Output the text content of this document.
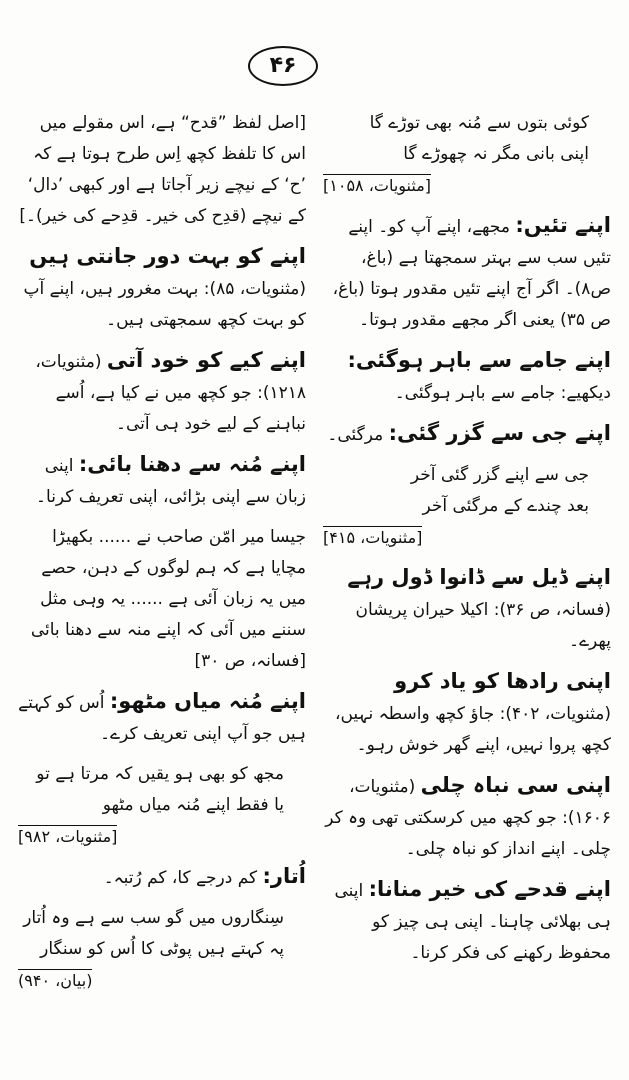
۴۶
کوئی بتوں سے مُنہ بھی توڑے گا
اپنی بانی مگر نہ چھوڑے گا
[مثنویات، ۱۰۵۸]
اپنے تئیں: مجھے، اپنے آپ کو۔ اپنے تئیں سب سے بہتر سمجھتا ہے (باغ، ص۸)۔ اگر آج اپنے تئیں مقدور ہوتا (باغ، ص ۳۵) یعنی اگر مجھے مقدور ہوتا۔
اپنے جامے سے باہر ہوگئی: دیکھیے: جامے سے باہر ہوگئی۔
اپنے جی سے گزر گئی: مرگئی۔
جی سے اپنے گزر گئی آخر
بعد چندے کے مرگئی آخر
[مثنویات، ۴۱۵]
اپنے ڈیل سے ڈانوا ڈول رہے (فسانہ، ص ۳۶): اکیلا حیران پریشان پھرے۔
اپنی رادھا کو یاد کرو (مثنویات، ۴۰۲): جاؤ کچھ واسطہ نہیں، کچھ پروا نہیں، اپنے گھر خوش رہو۔
اپنی سی نباہ چلی (مثنویات، ۱۶۰۶): جو کچھ میں کرسکتی تھی وہ کر چلی۔ اپنے انداز کو نباہ چلی۔
اپنے قدحے کی خیر منانا: اپنی ہی بھلائی چاہنا۔ اپنی ہی چیز کو محفوظ رکھنے کی فکر کرنا۔
[اصل لفظ ”قدح“ ہے، اس مقولے میں اس کا تلفظ کچھ اِس طرح ہوتا ہے کہ ’ح‘ کے نیچے زیر آجاتا ہے اور کبھی ’دال‘ کے نیچے (قدِح کی خیر۔ قدِحے کی خیر)۔]
اپنے کو بہت دور جانتی ہیں (مثنویات، ۸۵): بہت مغرور ہیں، اپنے آپ کو بہت کچھ سمجھتی ہیں۔
اپنے کیے کو خود آتی (مثنویات، ۱۲۱۸): جو کچھ میں نے کیا ہے، اُسے نباہنے کے لیے خود ہی آتی۔
اپنے مُنہ سے دھنا بائی: اپنی زبان سے اپنی بڑائی، اپنی تعریف کرنا۔
جیسا میر امّن صاحب نے ...... بکھیڑا مچایا ہے کہ ہم لوگوں کے دہن، حصے میں یہ زبان آئی ہے ...... یہ وہی مثل سننے میں آئی کہ اپنے منہ سے دھنا بائی [فسانہ، ص ۳۰]
اپنے مُنہ میاں مٹھو: اُس کو کہتے ہیں جو آپ اپنی تعریف کرے۔
مجھ کو بھی ہو یقیں کہ مرتا ہے تو
یا فقط اپنے مُنہ میاں مٹھو
[مثنویات، ۹۸۲]
اُتار: کم درجے کا، کم رُتبہ۔
سِنگاروں میں گو سب سے ہے وہ اُتار
پہ کہتے ہیں پوٹی کا اُس کو سنگار
(بیان، ۹۴۰)
